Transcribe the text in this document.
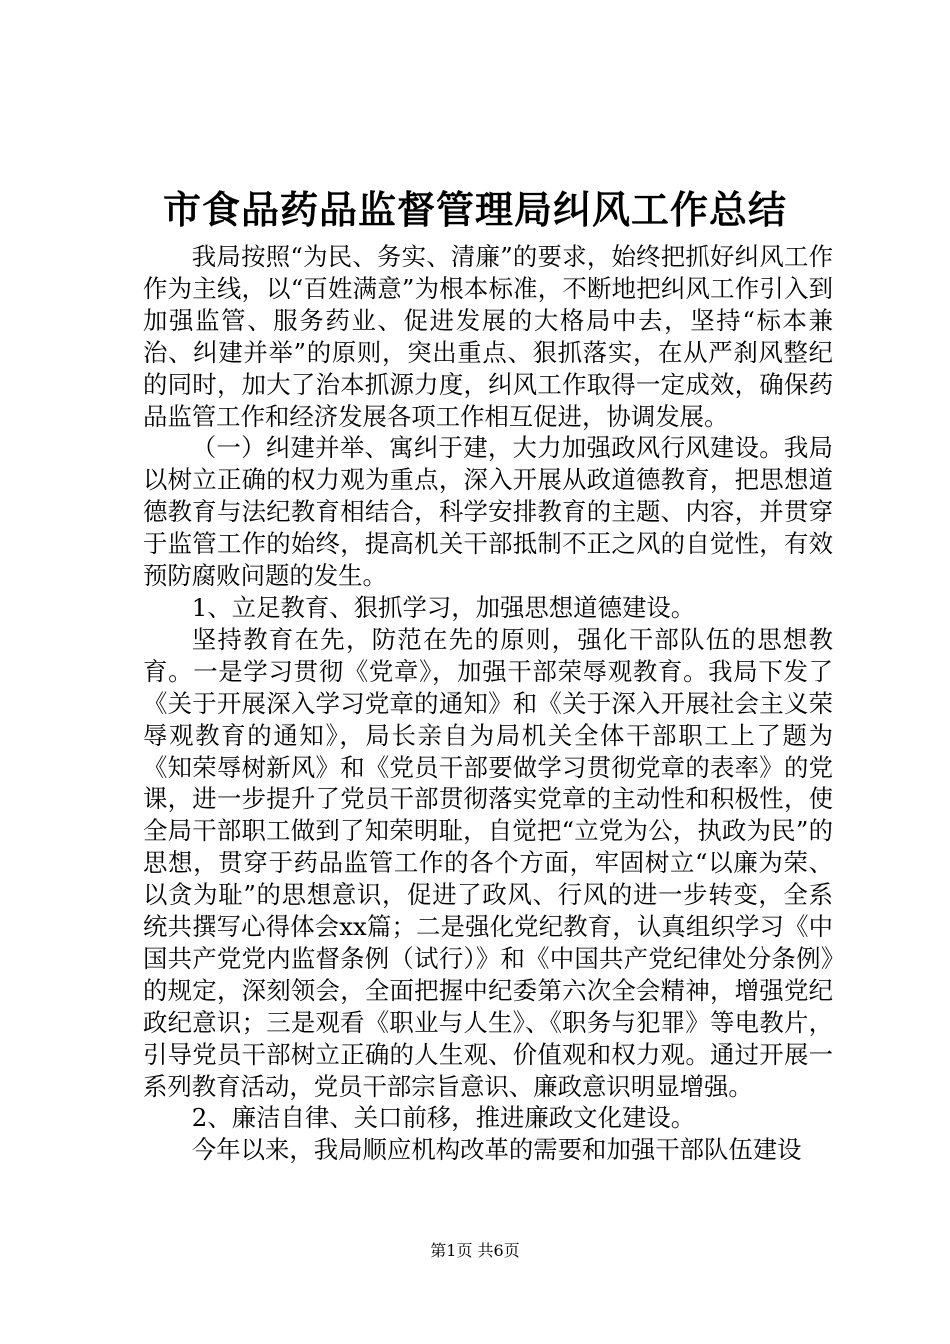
市食品药品监督管理局纠风工作总结

我局按照“为民、务实、清廉”的要求，始终把抓好纠风工作作为主线，以“百姓满意”为根本标准，不断地把纠风工作引入到加强监管、服务药业、促进发展的大格局中去，坚持“标本兼治、纠建并举”的原则，突出重点、狠抓落实，在从严刹风整纪的同时，加大了治本抓源力度，纠风工作取得一定成效，确保药品监管工作和经济发展各项工作相互促进，协调发展。

（一）纠建并举、寓纠于建，大力加强政风行风建设。我局以树立正确的权力观为重点，深入开展从政道德教育，把思想道德教育与法纪教育相结合，科学安排教育的主题、内容，并贯穿于监管工作的始终，提高机关干部抵制不正之风的自觉性，有效预防腐败问题的发生。

1、立足教育、狠抓学习，加强思想道德建设。

坚持教育在先，防范在先的原则，强化干部队伍的思想教育。一是学习贯彻《党章》，加强干部荣辱观教育。我局下发了《关于开展深入学习党章的通知》和《关于深入开展社会主义荣辱观教育的通知》，局长亲自为局机关全体干部职工上了题为《知荣辱树新风》和《党员干部要做学习贯彻党章的表率》的党课，进一步提升了党员干部贯彻落实党章的主动性和积极性，使全局干部职工做到了知荣明耻，自觉把“立党为公，执政为民”的思想，贯穿于药品监管工作的各个方面，牢固树立“以廉为荣、以贪为耻”的思想意识，促进了政风、行风的进一步转变，全系统共撰写心得体会xx篇；二是强化党纪教育，认真组织学习《中国共产党党内监督条例（试行）》和《中国共产党纪律处分条例》的规定，深刻领会，全面把握中纪委第六次全会精神，增强党纪政纪意识；三是观看《职业与人生》、《职务与犯罪》等电教片，引导党员干部树立正确的人生观、价值观和权力观。通过开展一系列教育活动，党员干部宗旨意识、廉政意识明显增强。

2、廉洁自律、关口前移，推进廉政文化建设。

今年以来，我局顺应机构改革的需要和加强干部队伍建设

第1页 共6页
